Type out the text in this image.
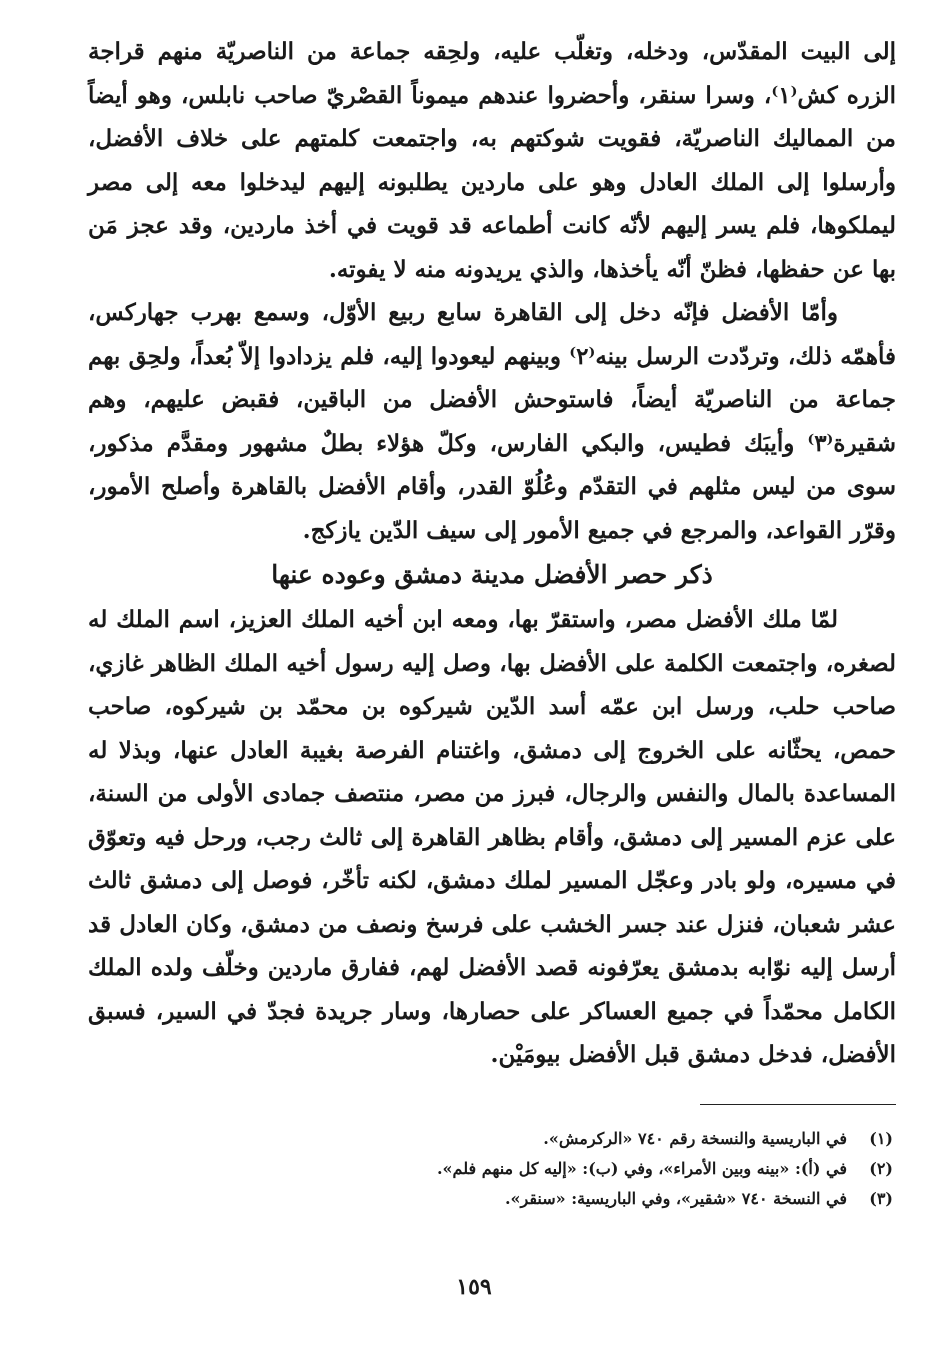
إلى البيت المقدّس، ودخله، وتغلّب عليه، ولحِقه جماعة من الناصريّة منهم قراجة الزره كش⁽١⁾، وسرا سنقر، وأحضروا عندهم ميموناً القصْريّ صاحب نابلس، وهو أيضاً من المماليك الناصريّة، فقويت شوكتهم به، واجتمعت كلمتهم على خلاف الأفضل، وأرسلوا إلى الملك العادل وهو على ماردين يطلبونه إليهم ليدخلوا معه إلى مصر ليملكوها، فلم يسر إليهم لأنّه كانت أطماعه قد قويت في أخذ ماردين، وقد عجز مَن بها عن حفظها، فظنّ أنّه يأخذها، والذي يريدونه منه لا يفوته.

وأمّا الأفضل فإنّه دخل إلى القاهرة سابع ربيع الأوّل، وسمع بهرب جهاركس، فأهمّه ذلك، وتردّدت الرسل بينه⁽٢⁾ وبينهم ليعودوا إليه، فلم يزدادوا إلاّ بُعداً، ولحِق بهم جماعة من الناصريّة أيضاً، فاستوحش الأفضل من الباقين، فقبض عليهم، وهم شقيرة⁽٣⁾ وأيبَك فطيس، والبكي الفارس، وكلّ هؤلاء بطلٌ مشهور ومقدَّم مذكور، سوى من ليس مثلهم في التقدّم وعُلُوّ القدر، وأقام الأفضل بالقاهرة وأصلح الأمور، وقرّر القواعد، والمرجع في جميع الأمور إلى سيف الدّين يازكج.

ذكر حصر الأفضل مدينة دمشق وعوده عنها

لمّا ملك الأفضل مصر، واستقرّ بها، ومعه ابن أخيه الملك العزيز، اسم الملك له لصغره، واجتمعت الكلمة على الأفضل بها، وصل إليه رسول أخيه الملك الظاهر غازي، صاحب حلب، ورسل ابن عمّه أسد الدّين شيركوه بن محمّد بن شيركوه، صاحب حمص، يحثّانه على الخروج إلى دمشق، واغتنام الفرصة بغيبة العادل عنها، وبذلا له المساعدة بالمال والنفس والرجال، فبرز من مصر، منتصف جمادى الأولى من السنة، على عزم المسير إلى دمشق، وأقام بظاهر القاهرة إلى ثالث رجب، ورحل فيه وتعوّق في مسيره، ولو بادر وعجّل المسير لملك دمشق، لكنه تأخّر، فوصل إلى دمشق ثالث عشر شعبان، فنزل عند جسر الخشب على فرسخ ونصف من دمشق، وكان العادل قد أرسل إليه نوّابه بدمشق يعرّفونه قصد الأفضل لهم، ففارق ماردين وخلّف ولده الملك الكامل محمّداً في جميع العساكر على حصارها، وسار جريدة فجدّ في السير، فسبق الأفضل، فدخل دمشق قبل الأفضل بيومَيْن.

(١)
في الباريسية والنسخة رقم ٧٤٠ «الركرمش».
(٢)
في (أ): «بينه وبين الأمراء»، وفي (ب): «إليه كل منهم فلم».
(٣)
في النسخة ٧٤٠ «شقير»، وفي الباريسية: «سنقر».
١٥٩
